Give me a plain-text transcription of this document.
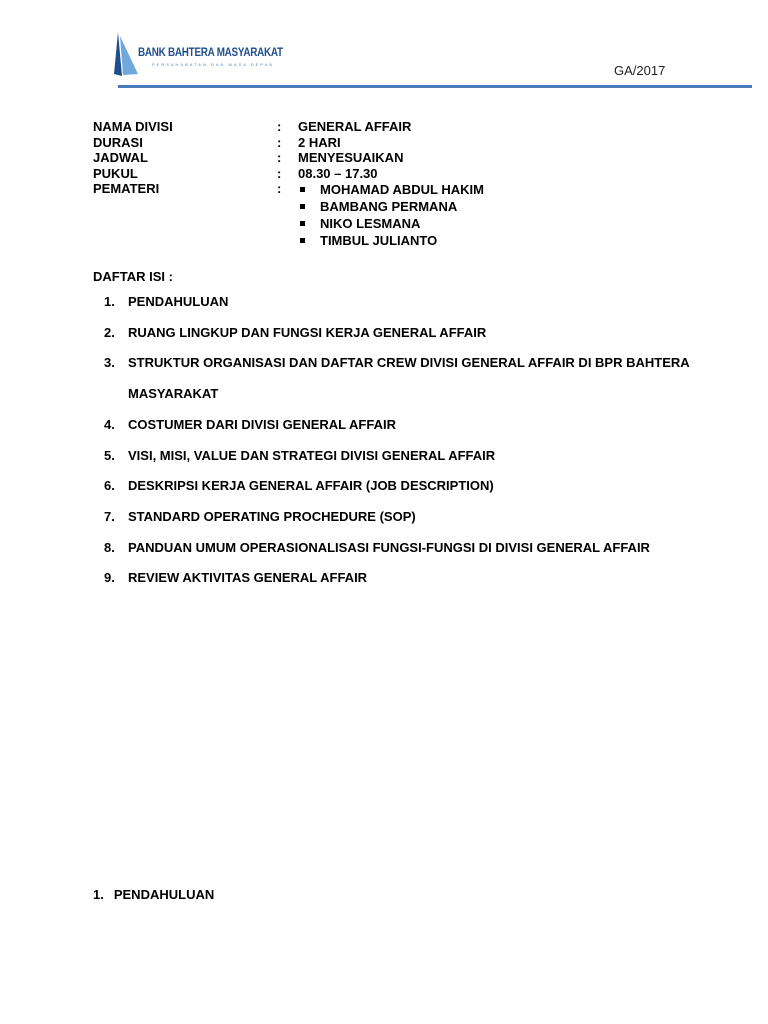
BANK BAHTERA MASYARAKAT
PERSAHABATAN DAN MASA DEPAN	GA/2017
NAMA DIVISI	: GENERAL AFFAIR
DURASI	: 2 HARI
JADWAL	: MENYESUAIKAN
PUKUL	: 08.30 – 17.30
PEMATERI	:	MOHAMAD ABDUL HAKIM
BAMBANG PERMANA
NIKO LESMANA
TIMBUL JULIANTO
DAFTAR ISI :
1. PENDAHULUAN
2. RUANG LINGKUP DAN FUNGSI KERJA GENERAL AFFAIR
3. STRUKTUR ORGANISASI DAN DAFTAR CREW DIVISI GENERAL AFFAIR DI BPR BAHTERA MASYARAKAT
4. COSTUMER DARI DIVISI GENERAL AFFAIR
5. VISI, MISI, VALUE DAN STRATEGI DIVISI GENERAL AFFAIR
6. DESKRIPSI KERJA GENERAL AFFAIR (JOB DESCRIPTION)
7. STANDARD OPERATING PROCHEDURE (SOP)
8. PANDUAN UMUM OPERASIONALISASI FUNGSI-FUNGSI DI DIVISI GENERAL AFFAIR
9. REVIEW AKTIVITAS GENERAL AFFAIR
1. PENDAHULUAN
